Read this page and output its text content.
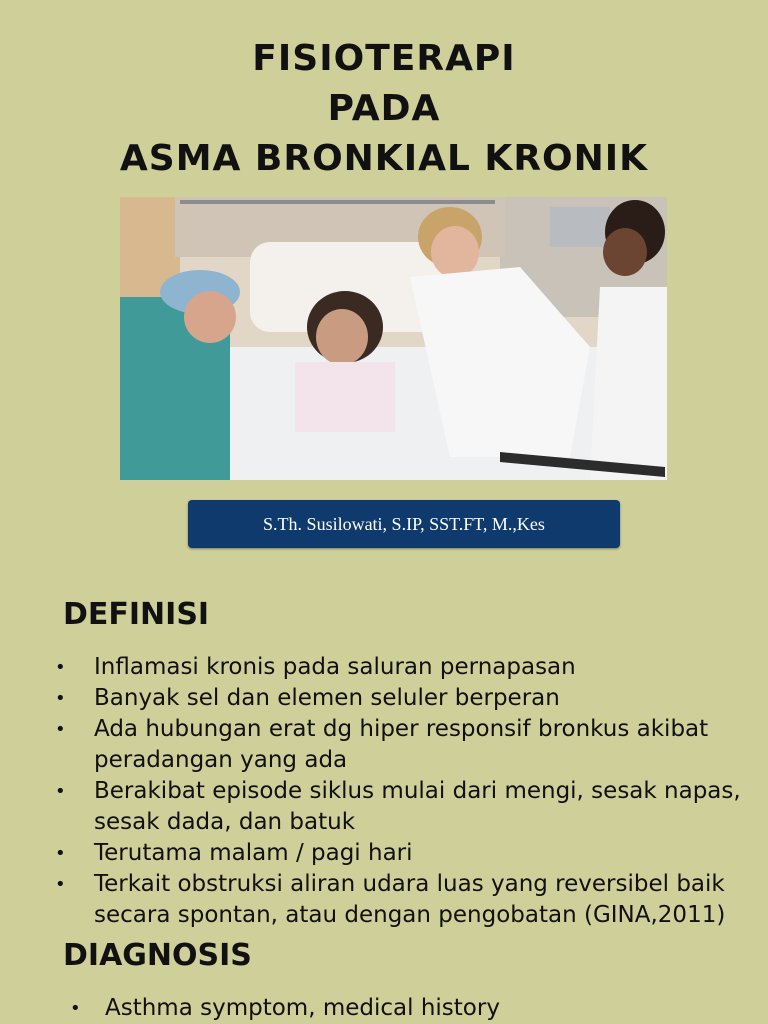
FISIOTERAPI
PADA
ASMA BRONKIAL KRONIK
S.Th. Susilowati, S.IP, SST.FT, M.,Kes
DEFINISI
• Inflamasi kronis pada saluran pernapasan
• Banyak sel dan elemen seluler berperan
• Ada hubungan erat dg hiper responsif bronkus akibat peradangan yang ada
• Berakibat episode siklus mulai dari mengi, sesak napas, sesak dada, dan batuk
• Terutama malam / pagi hari
• Terkait obstruksi aliran udara luas yang reversibel baik secara spontan, atau dengan pengobatan (GINA,2011)
DIAGNOSIS
• Asthma symptom, medical history
